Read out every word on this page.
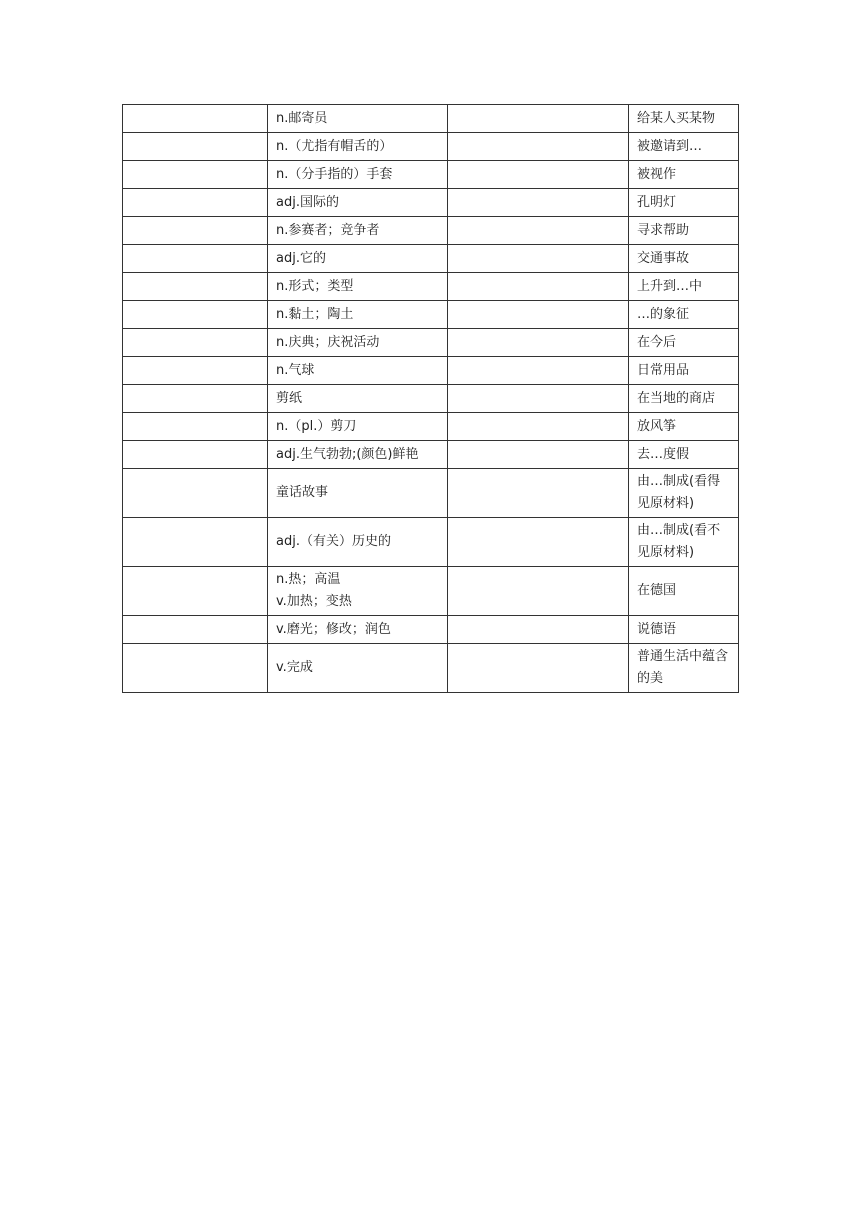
	n.邮寄员		给某人买某物

	n.（尤指有帽舌的）		被邀请到…

	n.（分手指的）手套		被视作

	adj.国际的		孔明灯

	n.参赛者；竞争者		寻求帮助

	adj.它的		交通事故

	n.形式；类型		上升到…中

	n.黏土；陶土		…的象征

	n.庆典；庆祝活动		在今后

	n.气球		日常用品

	剪纸		在当地的商店

	n.（pl.）剪刀		放风筝

	adj.生气勃勃;(颜色)鲜艳		去…度假

	童话故事		由…制成(看得见原材料)

	adj.（有关）历史的		由…制成(看不见原材料)

	n.热；高温
v.加热；变热		在德国

	v.磨光；修改；润色		说德语

	v.完成		普通生活中蕴含的美
